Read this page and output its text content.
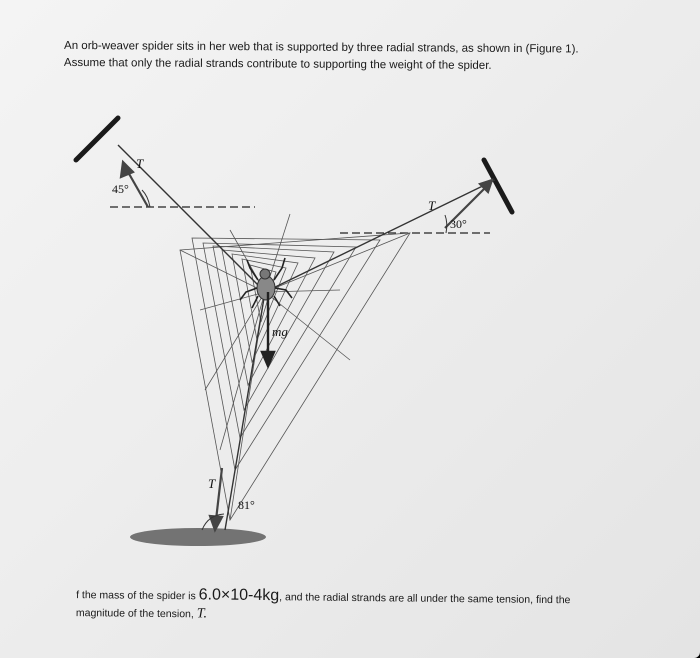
An orb-weaver spider sits in her web that is supported by three radial strands, as shown in (Figure 1).
Assume that only the radial strands contribute to supporting the weight of the spider.
T
45°
T
30°
mg
T
81°
f the mass of the spider is 6.0×10-4kg, and the radial strands are all under the same tension, find the
magnitude of the tension, T.
